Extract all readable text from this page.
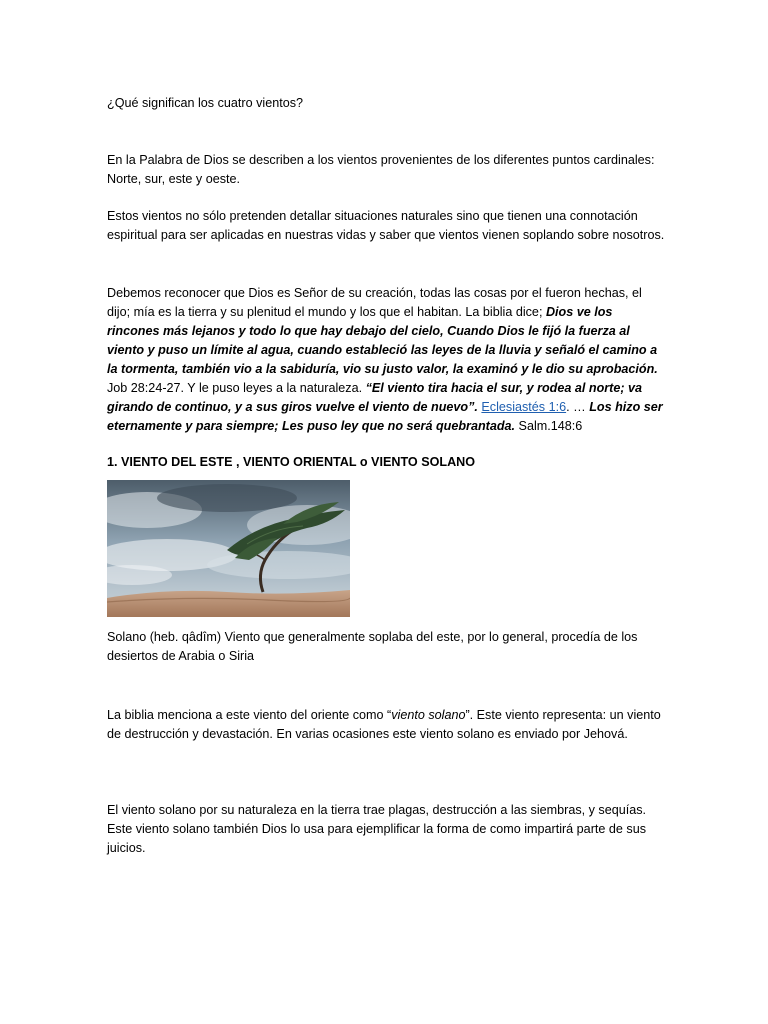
¿Qué significan los cuatro vientos?

En la Palabra de Dios se describen a los vientos provenientes de los diferentes puntos cardinales: Norte, sur, este y oeste.

Estos vientos no sólo pretenden detallar situaciones naturales sino que tienen una connotación espiritual para ser aplicadas en nuestras vidas y saber que vientos vienen soplando sobre nosotros.

Debemos reconocer que Dios es Señor de su creación, todas las cosas por el fueron hechas, el dijo; mía es la tierra y su plenitud el mundo y los que el habitan. La biblia dice; Dios ve los rincones más lejanos y todo lo que hay debajo del cielo, Cuando Dios le fijó la fuerza al viento y puso un límite al agua, cuando estableció las leyes de la lluvia y señaló el camino a la tormenta, también vio a la sabiduría, vio su justo valor, la examinó y le dio su aprobación. Job 28:24-27. Y le puso leyes a la naturaleza. “El viento tira hacia el sur, y rodea al norte; va girando de continuo, y a sus giros vuelve el viento de nuevo”. Eclesiastés 1:6. … Los hizo ser eternamente y para siempre; Les puso ley que no será quebrantada. Salm.148:6

1. VIENTO DEL ESTE , VIENTO ORIENTAL o VIENTO SOLANO

Solano (heb. qâdîm) Viento que generalmente soplaba del este, por lo general, procedía de los desiertos de Arabia o Siria

La biblia menciona a este viento del oriente como “viento solano”. Este viento representa: un viento de destrucción y devastación. En varias ocasiones este viento solano es enviado por Jehová.

El viento solano por su naturaleza en la tierra trae plagas, destrucción a las siembras, y sequías. Este viento solano también Dios lo usa para ejemplificar la forma de como impartirá parte de sus juicios.
